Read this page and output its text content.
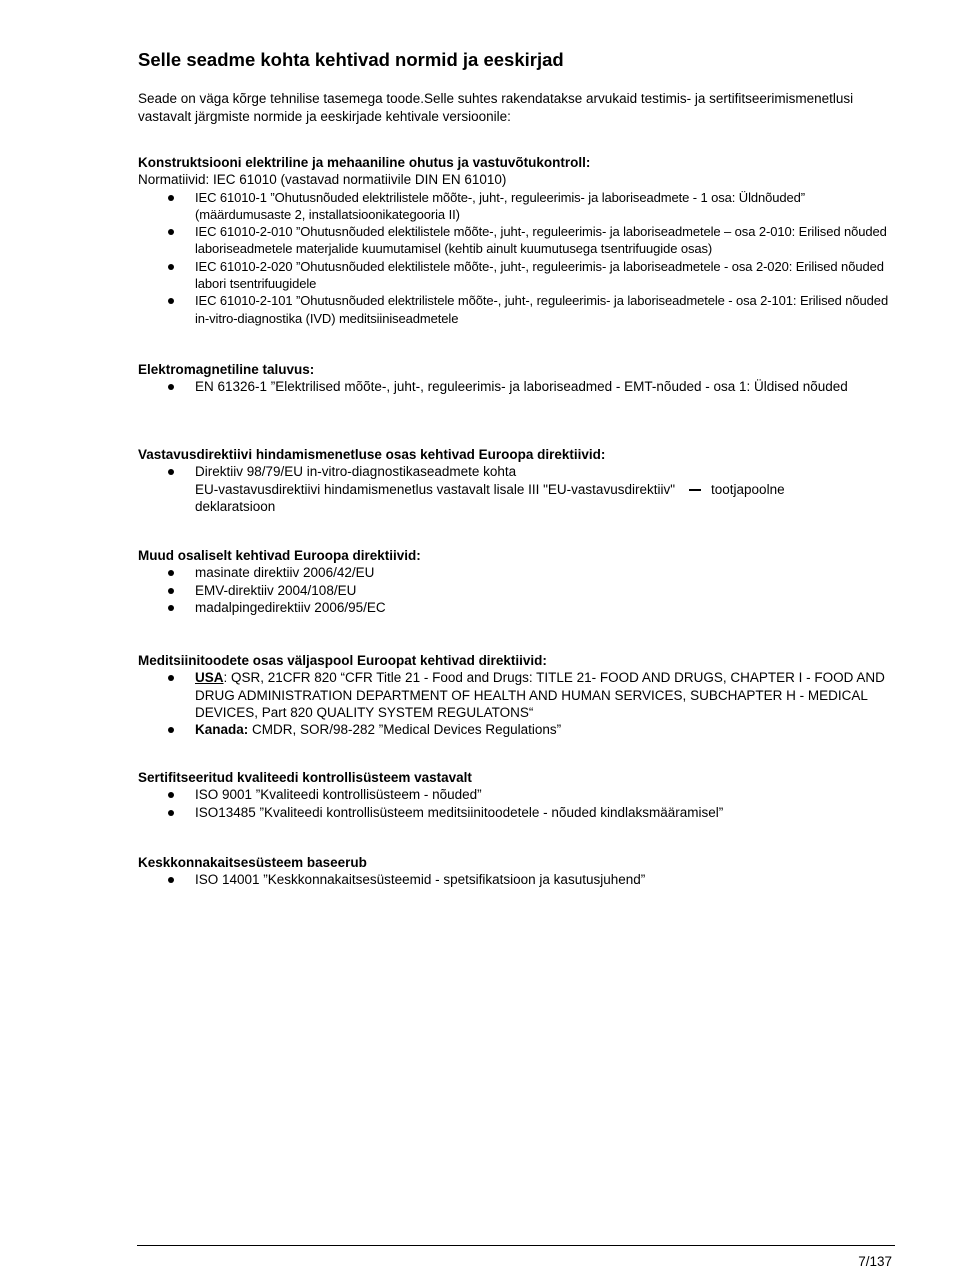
Selle seadme kohta kehtivad normid ja eeskirjad

Seade on väga kõrge tehnilise tasemega toode.Selle suhtes rakendatakse arvukaid testimis- ja sertifitseerimismenetlusi vastavalt järgmiste normide ja eeskirjade kehtivale versioonile:

Konstruktsiooni elektriline ja mehaaniline ohutus ja vastuvõtukontroll:

Normatiivid: IEC 61010 (vastavad normatiivile DIN EN 61010)

IEC 61010-1 ”Ohutusnõuded elektrilistele mõõte-, juht-, reguleerimis- ja laboriseadmete - 1 osa: Üldnõuded” (määrdumusaste 2, installatsioonikategooria II)
IEC 61010-2-010 ”Ohutusnõuded elektilistele mõõte-, juht-, reguleerimis- ja laboriseadmetele – osa 2-010: Erilised nõuded laboriseadmetele materjalide kuumutamisel (kehtib ainult kuumutusega tsentrifuugide osas)
IEC 61010-2-020 ”Ohutusnõuded elektilistele mõõte-, juht-, reguleerimis- ja laboriseadmetele - osa 2-020: Erilised nõuded labori tsentrifuugidele
IEC 61010-2-101 ”Ohutusnõuded elektrilistele mõõte-, juht-, reguleerimis- ja laboriseadmetele - osa 2-101: Erilised nõuded in-vitro-diagnostika (IVD) meditsiiniseadmetele

Elektromagnetiline taluvus:

EN 61326-1 ”Elektrilised mõõte-, juht-, reguleerimis- ja laboriseadmed - EMT-nõuded - osa 1: Üldised nõuded

Vastavusdirektiivi hindamismenetluse osas kehtivad Euroopa direktiivid:

Direktiiv 98/79/EU in-vitro-diagnostikaseadmete kohta

EU-vastavusdirektiivi hindamismenetlus vastavalt lisale III "EU-vastavusdirektiiv"	tootjapoolne

deklaratsioon

Muud osaliselt kehtivad Euroopa direktiivid:

masinate direktiiv 2006/42/EU
EMV-direktiiv 2004/108/EU
madalpingedirektiiv 2006/95/EC

Meditsiinitoodete osas väljaspool Euroopat kehtivad direktiivid:

USA: QSR, 21CFR 820 “CFR Title 21 - Food and Drugs: TITLE 21- FOOD AND DRUGS, CHAPTER I - FOOD AND DRUG ADMINISTRATION DEPARTMENT OF HEALTH AND HUMAN SERVICES, SUBCHAPTER H - MEDICAL DEVICES, Part 820 QUALITY SYSTEM REGULATONS“
Kanada: CMDR, SOR/98-282 ”Medical Devices Regulations”

Sertifitseeritud kvaliteedi kontrollisüsteem vastavalt

ISO 9001 ”Kvaliteedi kontrollisüsteem - nõuded”
ISO13485 ”Kvaliteedi kontrollisüsteem meditsiinitoodetele - nõuded kindlaksmääramisel”

Keskkonnakaitsesüsteem baseerub

ISO 14001 ”Keskkonnakaitsesüsteemid - spetsifikatsioon ja kasutusjuhend”
7/137
